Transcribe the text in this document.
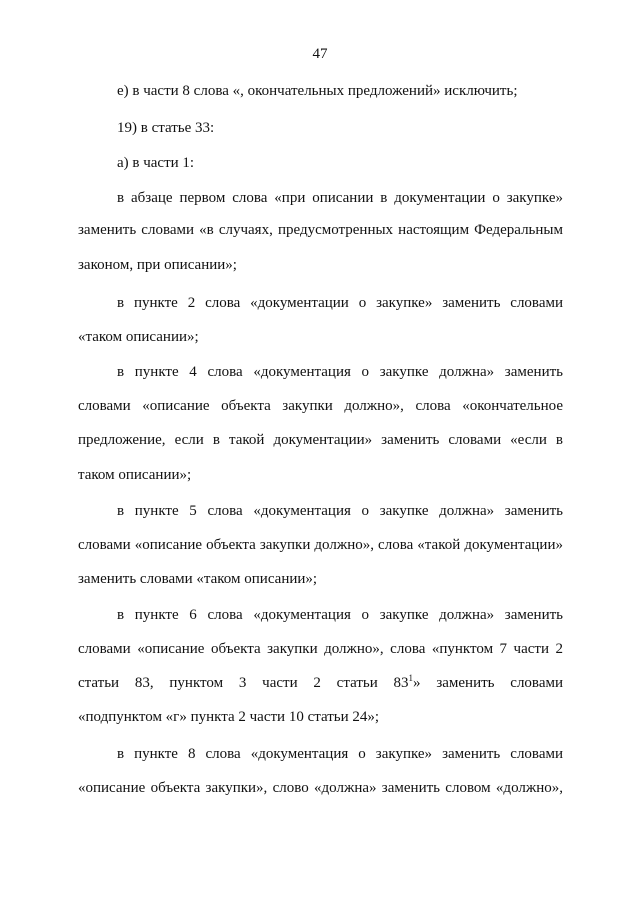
47
е) в части 8 слова «, окончательных предложений» исключить;
19) в статье 33:
а) в части 1:
в абзаце первом слова «при описании в документации о закупке»
заменить словами «в случаях, предусмотренных настоящим Федеральным
законом, при описании»;
в пункте 2 слова «документации о закупке» заменить словами
«таком описании»;
в пункте 4 слова «документация о закупке должна» заменить
словами «описание объекта закупки должно», слова «окончательное
предложение, если в такой документации» заменить словами «если в
таком описании»;
в пункте 5 слова «документация о закупке должна» заменить
словами «описание объекта закупки должно», слова «такой документации»
заменить словами «таком описании»;
в пункте 6 слова «документация о закупке должна» заменить
словами «описание объекта закупки должно», слова «пунктом 7 части 2
статьи 83, пунктом 3 части 2 статьи $83^1$» заменить словами
«подпунктом «г» пункта 2 части 10 статьи 24»;
в пункте 8 слова «документация о закупке» заменить словами
«описание объекта закупки», слово «должна» заменить словом «должно»,
